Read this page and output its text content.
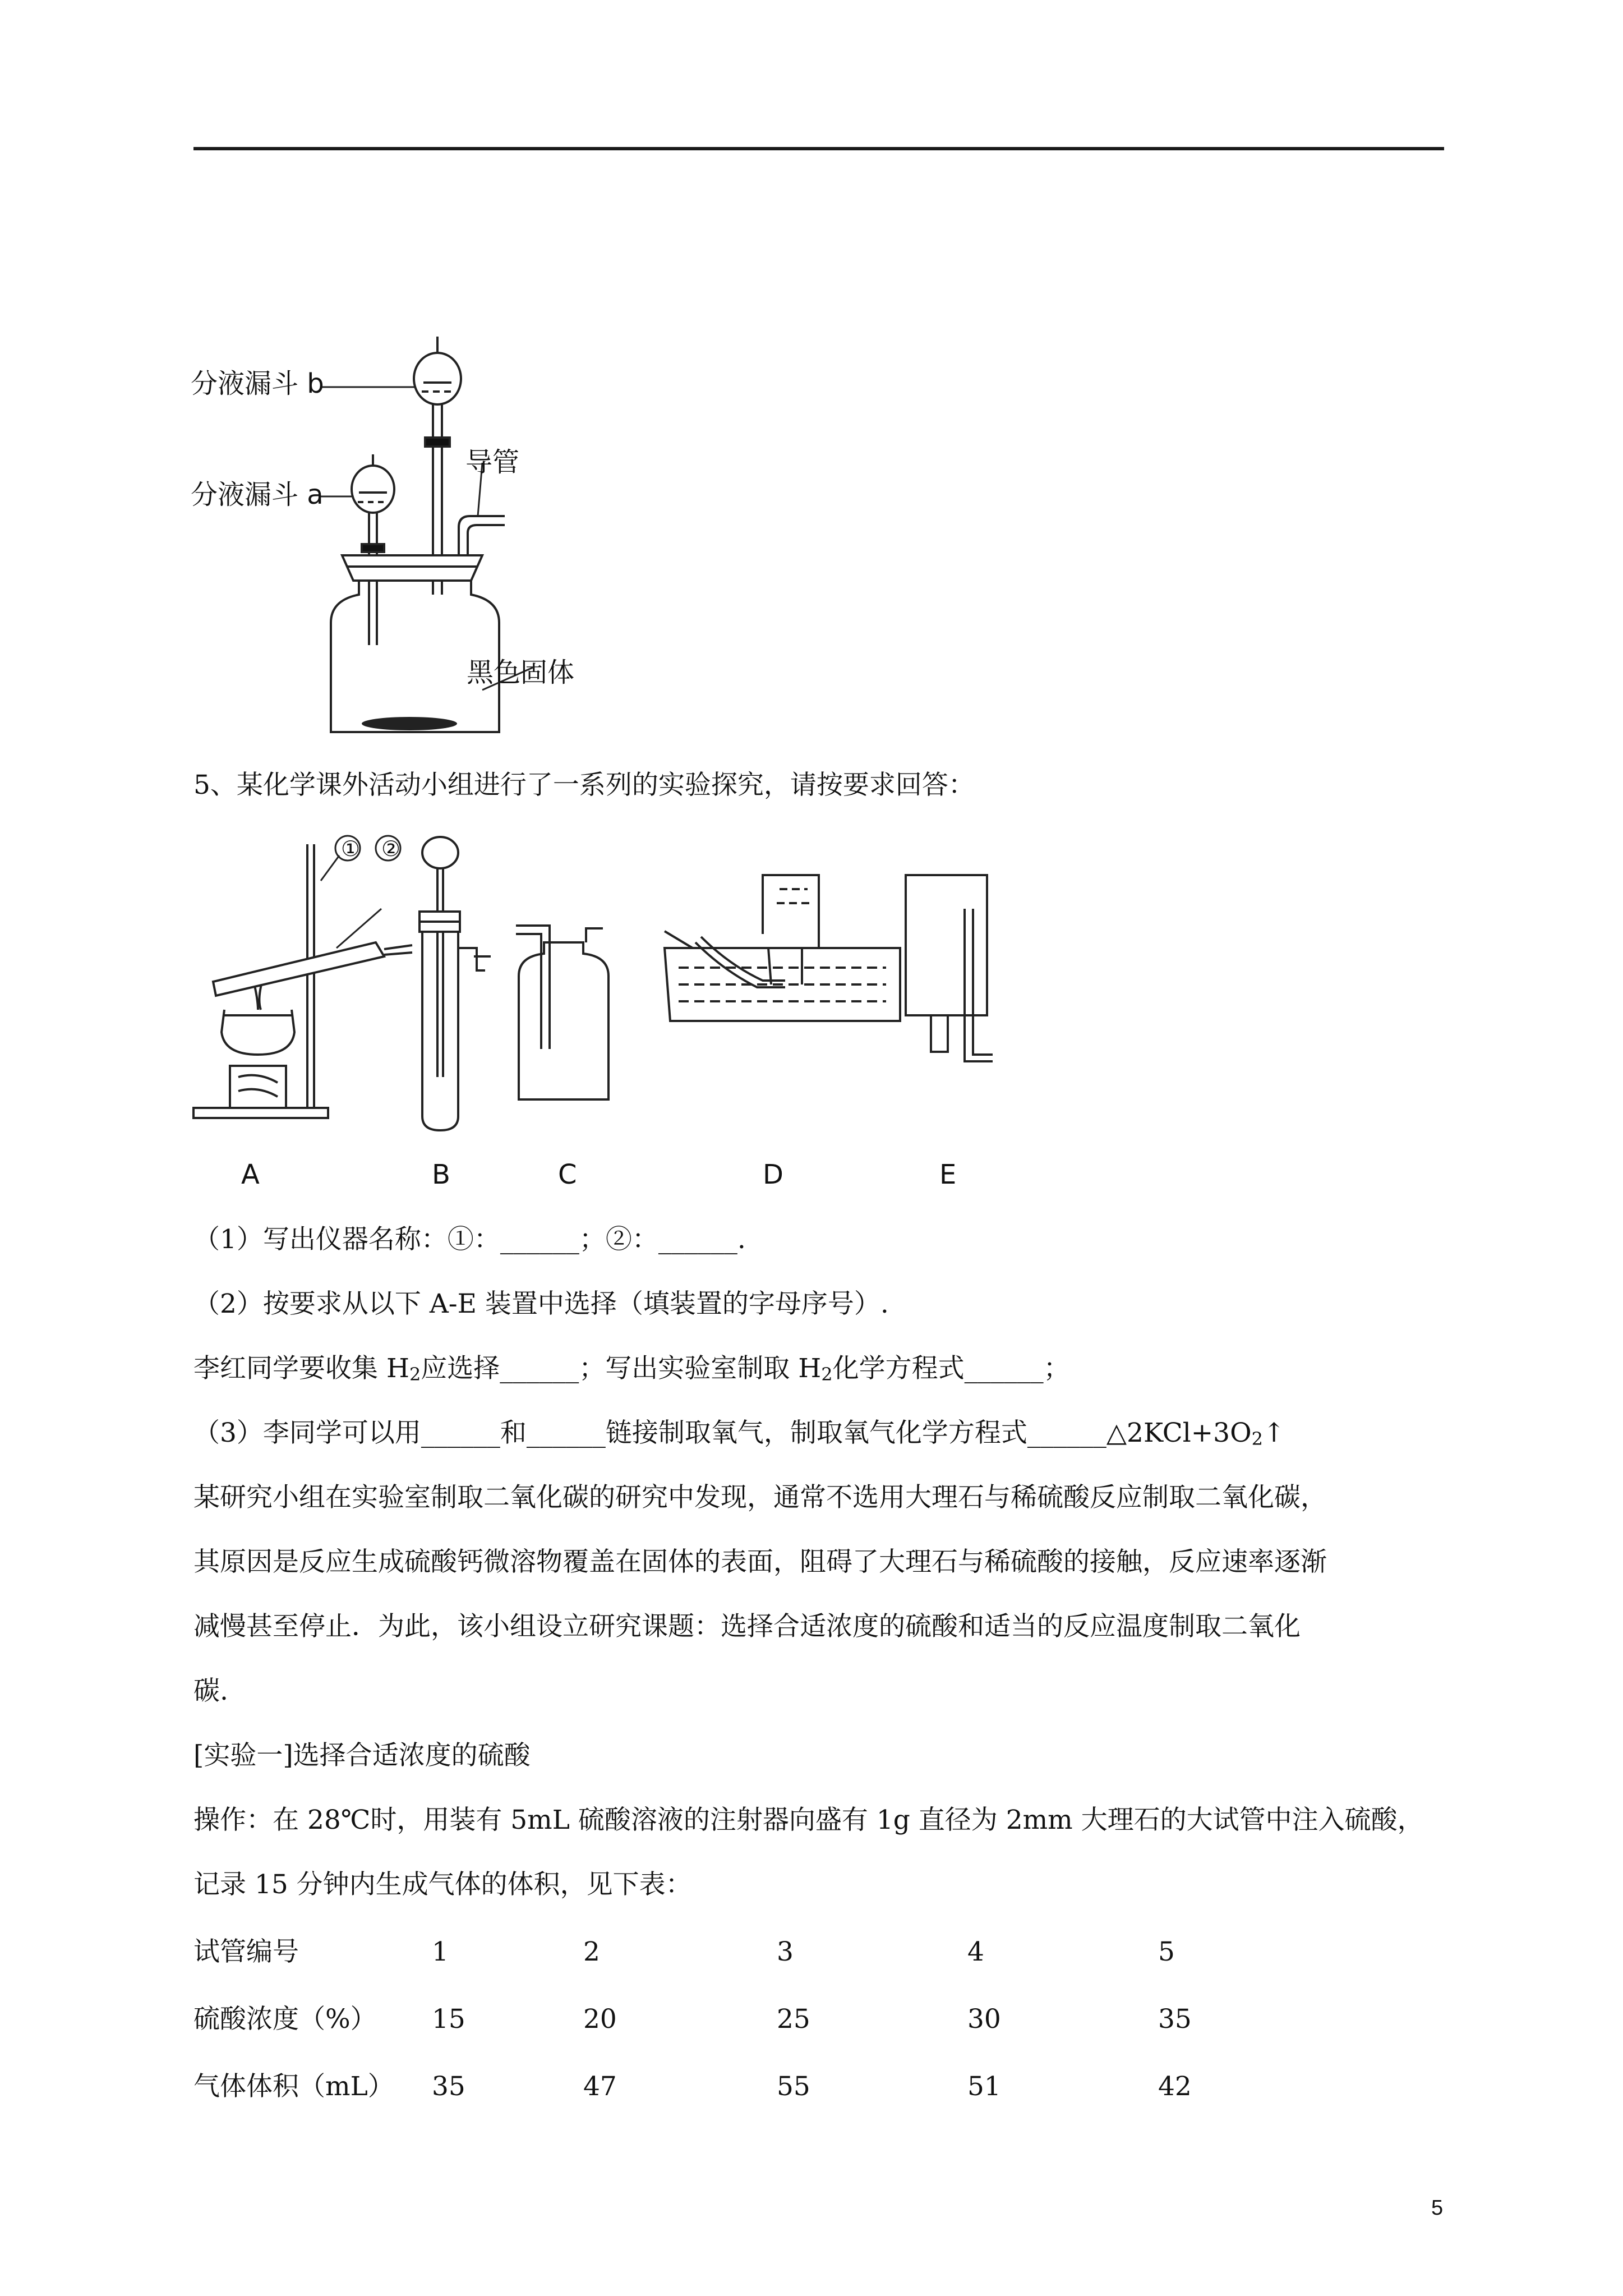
分液漏斗 b
分液漏斗 a
导管
黑色固体
5、某化学课外活动小组进行了一系列的实验探究，请按要求回答：
① ②
A	B	C	D	E
（1）写出仪器名称：①：______；②：______.
（2）按要求从以下 A-E 装置中选择（填装置的字母序号）.
李红同学要收集 $H_2$应选择______；写出实验室制取 $H_2$化学方程式______；
（3）李同学可以用______和______链接制取氧气，制取氧气化学方程式$\_\_\_\_\_\_\triangle 2KCl+3O_2↑$
某研究小组在实验室制取二氧化碳的研究中发现，通常不选用大理石与稀硫酸反应制取二氧化碳，
其原因是反应生成硫酸钙微溶物覆盖在固体的表面，阻碍了大理石与稀硫酸的接触，反应速率逐渐
减慢甚至停止．为此，该小组设立研究课题：选择合适浓度的硫酸和适当的反应温度制取二氧化
碳.
[实验一]选择合适浓度的硫酸
操作：在 28℃时，用装有 5mL 硫酸溶液的注射器向盛有 1g 直径为 2mm 大理石的大试管中注入硫酸，
记录 15 分钟内生成气体的体积，见下表：
试管编号	1	2	3	4	5
硫酸浓度（%） 15	20	25	30	35
气体体积（mL） 35	47	55	51	42
5
